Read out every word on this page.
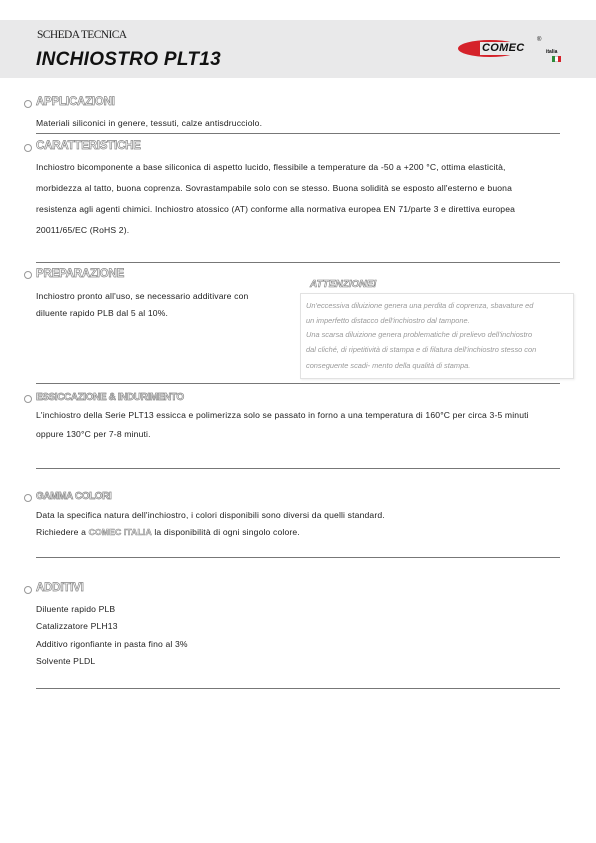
SCHEDA TECNICA
INCHIOSTRO PLT13
COMEC
®
italia
APPLICAZIONI
Materiali siliconici in genere, tessuti, calze antisdrucciolo.
CARATTERISTICHE
Inchiostro bicomponente a base siliconica di aspetto lucido, flessibile a temperature da -50 a +200 °C, ottima elasticità,
morbidezza al tatto, buona coprenza. Sovrastampabile solo con se stesso. Buona solidità se esposto all'esterno e buona
resistenza agli agenti chimici. Inchiostro atossico (AT) conforme alla normativa europea EN 71/parte 3 e direttiva europea
20011/65/EC (RoHS 2).
PREPARAZIONE
Inchiostro pronto all'uso, se necessario additivare con
diluente rapido PLB dal 5 al 10%.
ATTENZIONE!
Un'eccessiva diluizione genera una perdita di coprenza, sbavature ed
un imperfetto distacco dell'inchiostro dal tampone.
Una scarsa diluizione genera problematiche di prelievo dell'inchiostro
dal cliché, di ripetitività di stampa e di filatura dell'inchiostro stesso con
conseguente scadi- mento della qualità di stampa.
ESSICCAZIONE & INDURIMENTO
L'inchiostro della Serie PLT13 essicca e polimerizza solo se passato in forno a una temperatura di 160°C per circa 3-5 minuti
oppure 130°C per 7-8 minuti.
GAMMA COLORI
Data la specifica natura dell'inchiostro, i colori disponibili sono diversi da quelli standard.
Richiedere a COMEC ITALIA la disponibilità di ogni singolo colore.
ADDITIVI
Diluente rapido PLB
Catalizzatore PLH13
Additivo rigonfiante in pasta fino al 3%
Solvente PLDL
